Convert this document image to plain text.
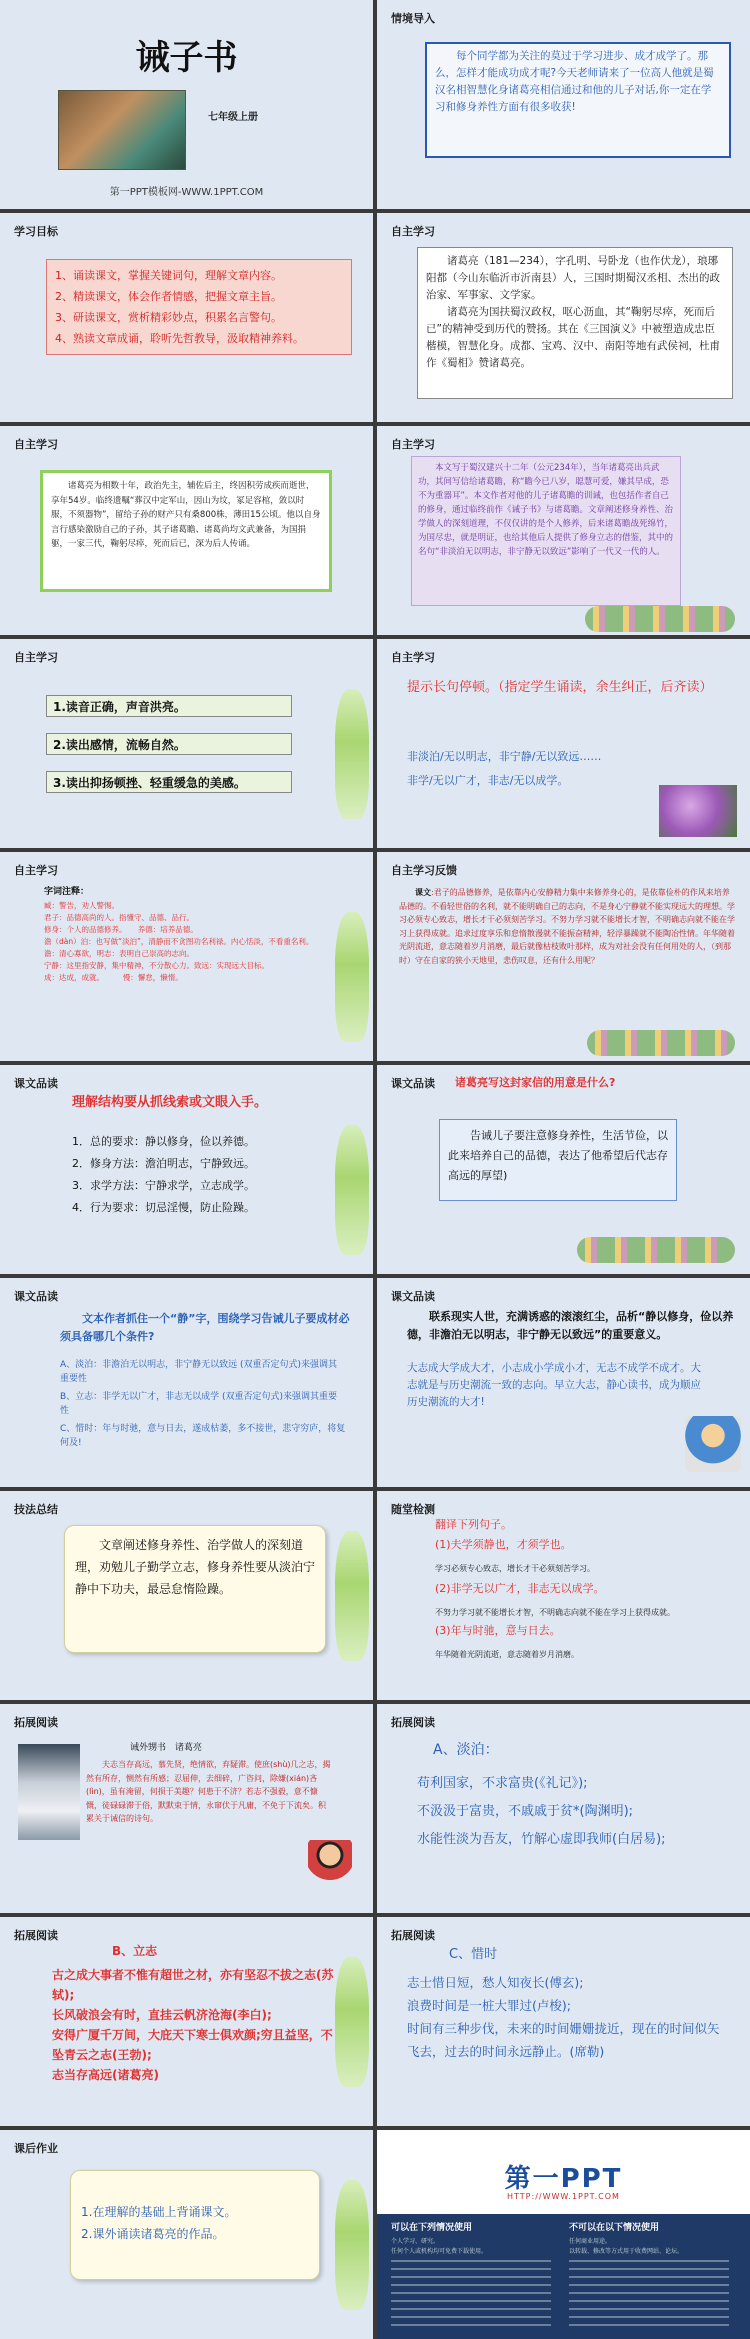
诫子书
七年级上册
第一PPT模板网-WWW.1PPT.COM
情境导入
每个同学都为关注的莫过于学习进步、成才成学了。那么，怎样才能成功成才呢?今天老师请来了一位高人他就是蜀汉名相智慧化身诸葛亮相信通过和他的儿子对话,你一定在学习和修身养性方面有很多收获!
学习目标
1、诵读课文，掌握关键词句，理解文章内容。
2、精读课文，体会作者情感，把握文章主旨。
3、研读课文，赏析精彩妙点，积累名言警句。
4、熟读文章成诵，聆听先哲教导，汲取精神养料。
自主学习

诸葛亮（181—234），字孔明、号卧龙（也作伏龙），琅琊阳都（今山东临沂市沂南县）人，三国时期蜀汉丞相、杰出的政治家、军事家、文学家。

诸葛亮为国扶蜀汉政权，呕心沥血，其“鞠躬尽瘁，死而后已”的精神受到历代的赞扬。其在《三国演义》中被塑造成忠臣楷模，智慧化身。成都、宝鸡、汉中、南阳等地有武侯祠，杜甫作《蜀相》赞诸葛亮。

自主学习
诸葛亮为相数十年，政治先主，辅佐后主，终因积劳成疾而逝世，享年54岁。临终遗嘱“葬汉中定军山，因山为坟，冢足容棺，敛以时服，不须器物”，留给子孙的财产只有桑800株，薄田15公顷。他以自身言行感染激励自己的子孙，其子诸葛瞻、诸葛尚均文武兼备，为国捐躯，一家三代，鞠躬尽瘁，死而后已，深为后人传诵。
自主学习
本文写于蜀汉建兴十二年（公元234年），当年诸葛亮出兵武功，其间写信给诸葛瞻，称“瞻今已八岁，聪慧可爱，嫌其早成，恐不为重器耳”。本文作者对他的儿子诸葛瞻的训诫，也包括作者自己的修身，通过临终前作《诫子书》与诸葛瞻。文章阐述修身养性、治学做人的深刻道理，不仅仅讲的是个人修养，后来诸葛瞻战死绵竹，为国尽忠，就是明证，也给其他后人提供了修身立志的借鉴，其中的名句“非淡泊无以明志，非宁静无以致远”影响了一代又一代的人。
自主学习
1.读音正确，声音洪亮。
2.读出感情，流畅自然。
3.读出抑扬顿挫、轻重缓急的美感。
自主学习
提示长句停顿。（指定学生诵读，余生纠正，后齐读）
非淡泊/无以明志，非宁静/无以致远……
非学/无以广才，非志/无以成学。
自主学习
字词注释：
臧：警告，劝人警惕。
君子：品德高尚的人。指懂守、品德、品行。
修身：个人的品德修养。　　养德：培养品德。
澹（dàn）泊：也写做“淡泊”，清静而不贪图功名利禄。内心恬淡，不看重名利。澹：清心寡欲，明志：表明自己崇高的志向。
宁静：这里指安静，集中精神，不分散心力。致远：实现远大目标。
成：达成，成就。　　　慢：懈怠，懒惰。
自主学习反馈
课文:君子的品德修养，是依靠内心安静精力集中来修养身心的，是依靠俭朴的作风来培养品德的。不看轻世俗的名利，就不能明确自己的志向，不是身心宁静就不能实现远大的理想。学习必须专心致志，增长才干必须刻苦学习。不努力学习就不能增长才智，不明确志向就不能在学习上获得成就。追求过度享乐和怠惰散漫就不能振奋精神，轻浮暴躁就不能陶冶性情。年华随着光阴流逝，意志随着岁月消磨，最后就像枯枝败叶那样，成为对社会没有任何用处的人，（到那时）守在自家的狭小天地里，悲伤叹息，还有什么用呢？
课文品读
理解结构要从抓线索或文眼入手。
1．总的要求：静以修身，俭以养德。
2．修身方法：澹泊明志，宁静致远。
3．求学方法：宁静求学，立志成学。
4．行为要求：切忌淫慢，防止险躁。
课文品读 诸葛亮写这封家信的用意是什么?
告诫儿子要注意修身养性，生活节俭，以此来培养自己的品德，表达了他希望后代志存高远的厚望)
课文品读
文本作者抓住一个“静”字，围绕学习告诫儿子要成材必须具备哪几个条件?
A、淡泊：非澹泊无以明志，非宁静无以致远 (双重否定句式)来强调其重要性
B、立志：非学无以广才，非志无以成学 (双重否定句式)来强调其重要性
C、惜时：年与时驰，意与日去，遂成枯萎，多不接世，悲守穷庐，将复何及!
课文品读
联系现实人世，充满诱惑的滚滚红尘，品析“静以修身，俭以养德，非澹泊无以明志，非宁静无以致远”的重要意义。
大志成大学成大才，小志成小学成小才，无志不成学不成才。大志就是与历史潮流一致的志向。早立大志，静心读书，成为顺应历史潮流的大才!
技法总结
文章阐述修身养性、治学做人的深刻道理，劝勉儿子勤学立志，修身养性要从淡泊宁静中下功夫，最忌怠惰险躁。
随堂检测
翻译下列句子。
(1)夫学须静也，才须学也。
学习必须专心致志，增长才干必须刻苦学习。
(2)非学无以广才，非志无以成学。
不努力学习就不能增长才智，不明确志向就不能在学习上获得成就。
(3)年与时驰，意与日去。
年华随着光阴流逝，意志随着岁月消磨。
拓展阅读
诫外甥书　诸葛亮
夫志当存高远，慕先贤，绝情欲，弃疑滞。使庶(shù)几之志，揭然有所存，恻然有所感；忍屈伸，去细碎，广咨问，除嫌(xián)吝(lìn)，虽有淹留，何损于美趣？何患于不济？若志不强毅，意不慷慨，徒碌碌滞于俗，默默束于情，永窜伏于凡庸，不免于下流矣。积累关于诫信的诗句。
拓展阅读
A、淡泊：
苟利国家，不求富贵(《礼记》);
不汲汲于富贵，不戚戚于贫*(陶渊明);
水能性淡为吾友，竹解心虚即我师(白居易);
拓展阅读
B、立志
古之成大事者不惟有超世之材，亦有坚忍不拔之志(苏轼);
长风破浪会有时，直挂云帆济沧海(李白);
安得广厦千万间，大庇天下寒士俱欢颜;穷且益坚，不坠青云之志(王勃);
志当存高远(诸葛亮)
拓展阅读
C、惜时
志士惜日短，愁人知夜长(傅玄);
浪费时间是一桩大罪过(卢梭);
时间有三种步伐，未来的时间姗姗拢近，现在的时间似矢飞去，过去的时间永远静止。(席勒)
课后作业
1.在理解的基础上背诵课文。
2.课外诵读诸葛亮的作品。
第一PPT
HTTP://WWW.1PPT.COM
可以在下列情况使用
个人学习、研究。
任何个人或机构均可免费下载使用。
不可以在以下情况使用
任何商业用途。
以转载、修改等方式用于收费网站、论坛。
